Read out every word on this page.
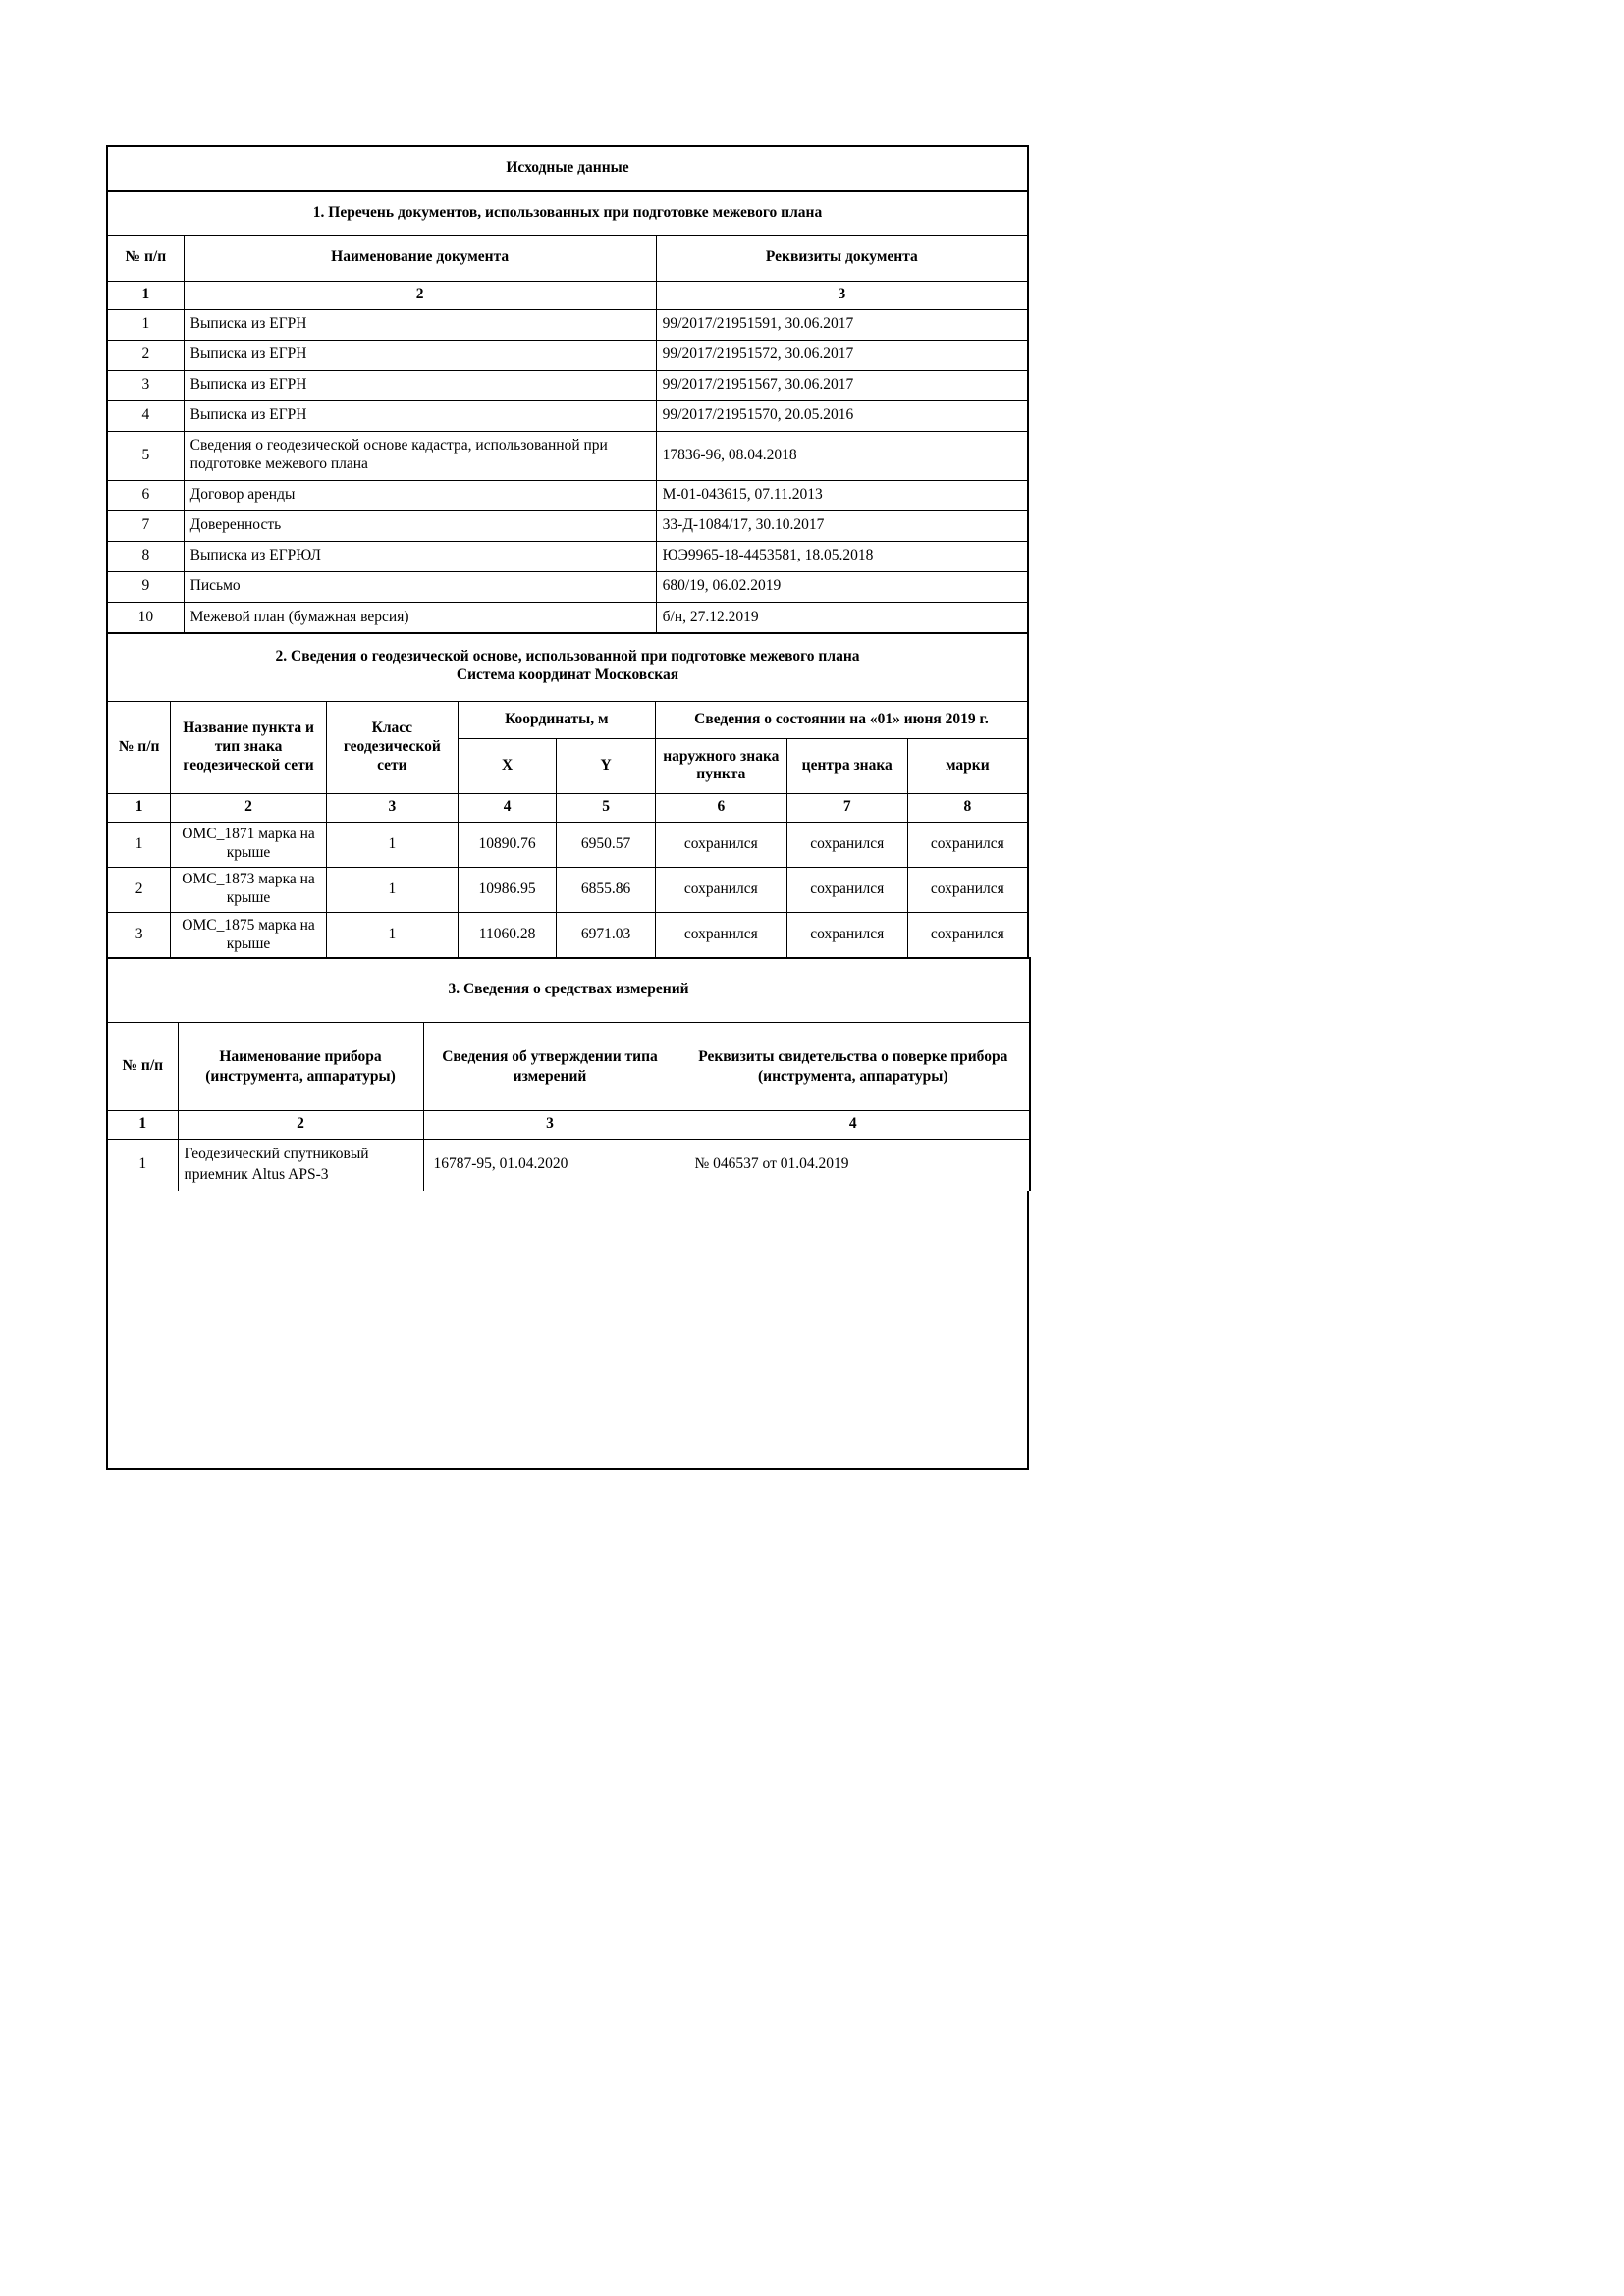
Исходные данные
1. Перечень документов, использованных при подготовке межевого плана		
№ п/п	Наименование документа	Реквизиты документа
1	2	3
1	Выписка из ЕГРН	99/2017/21951591, 30.06.2017
2	Выписка из ЕГРН	99/2017/21951572, 30.06.2017
3	Выписка из ЕГРН	99/2017/21951567, 30.06.2017
4	Выписка из ЕГРН	99/2017/21951570, 20.05.2016
5	Сведения о геодезической основе кадастра, использованной при подготовке межевого плана	17836-96, 08.04.2018
6	Договор аренды	М-01-043615, 07.11.2013
7	Доверенность	33-Д-1084/17, 30.10.2017
8	Выписка из ЕГРЮЛ	ЮЭ9965-18-4453581, 18.05.2018
9	Письмо	680/19, 06.02.2019
10	Межевой план (бумажная версия)	б/н, 27.12.2019
2. Сведения о геодезической основе, использованной при подготовке межевого плана
Система координат Московская							

№ п/п	Название пункта и тип знака геодезической сети	Класс геодезической сети	Координаты, м		Сведения о состоянии на «01» июня 2019 г.		
			X	Y	наружного знака пункта	центра знака	марки
1	2	3	4	5	6	7	8
1	ОМС_1871 марка на крыше	1	10890.76	6950.57	сохранился	сохранился	сохранился
2	ОМС_1873 марка на крыше	1	10986.95	6855.86	сохранился	сохранился	сохранился
3	ОМС_1875 марка на крыше	1	11060.28	6971.03	сохранился	сохранился	сохранился
3. Сведения о средствах измерений			
№ п/п	Наименование прибора (инструмента, аппаратуры)	Сведения об утверждении типа измерений	Реквизиты свидетельства о поверке прибора (инструмента, аппаратуры)
1	2	3	4
1	Геодезический спутниковый приемник Altus APS-3	16787-95, 01.04.2020	№ 046537 от 01.04.2019
